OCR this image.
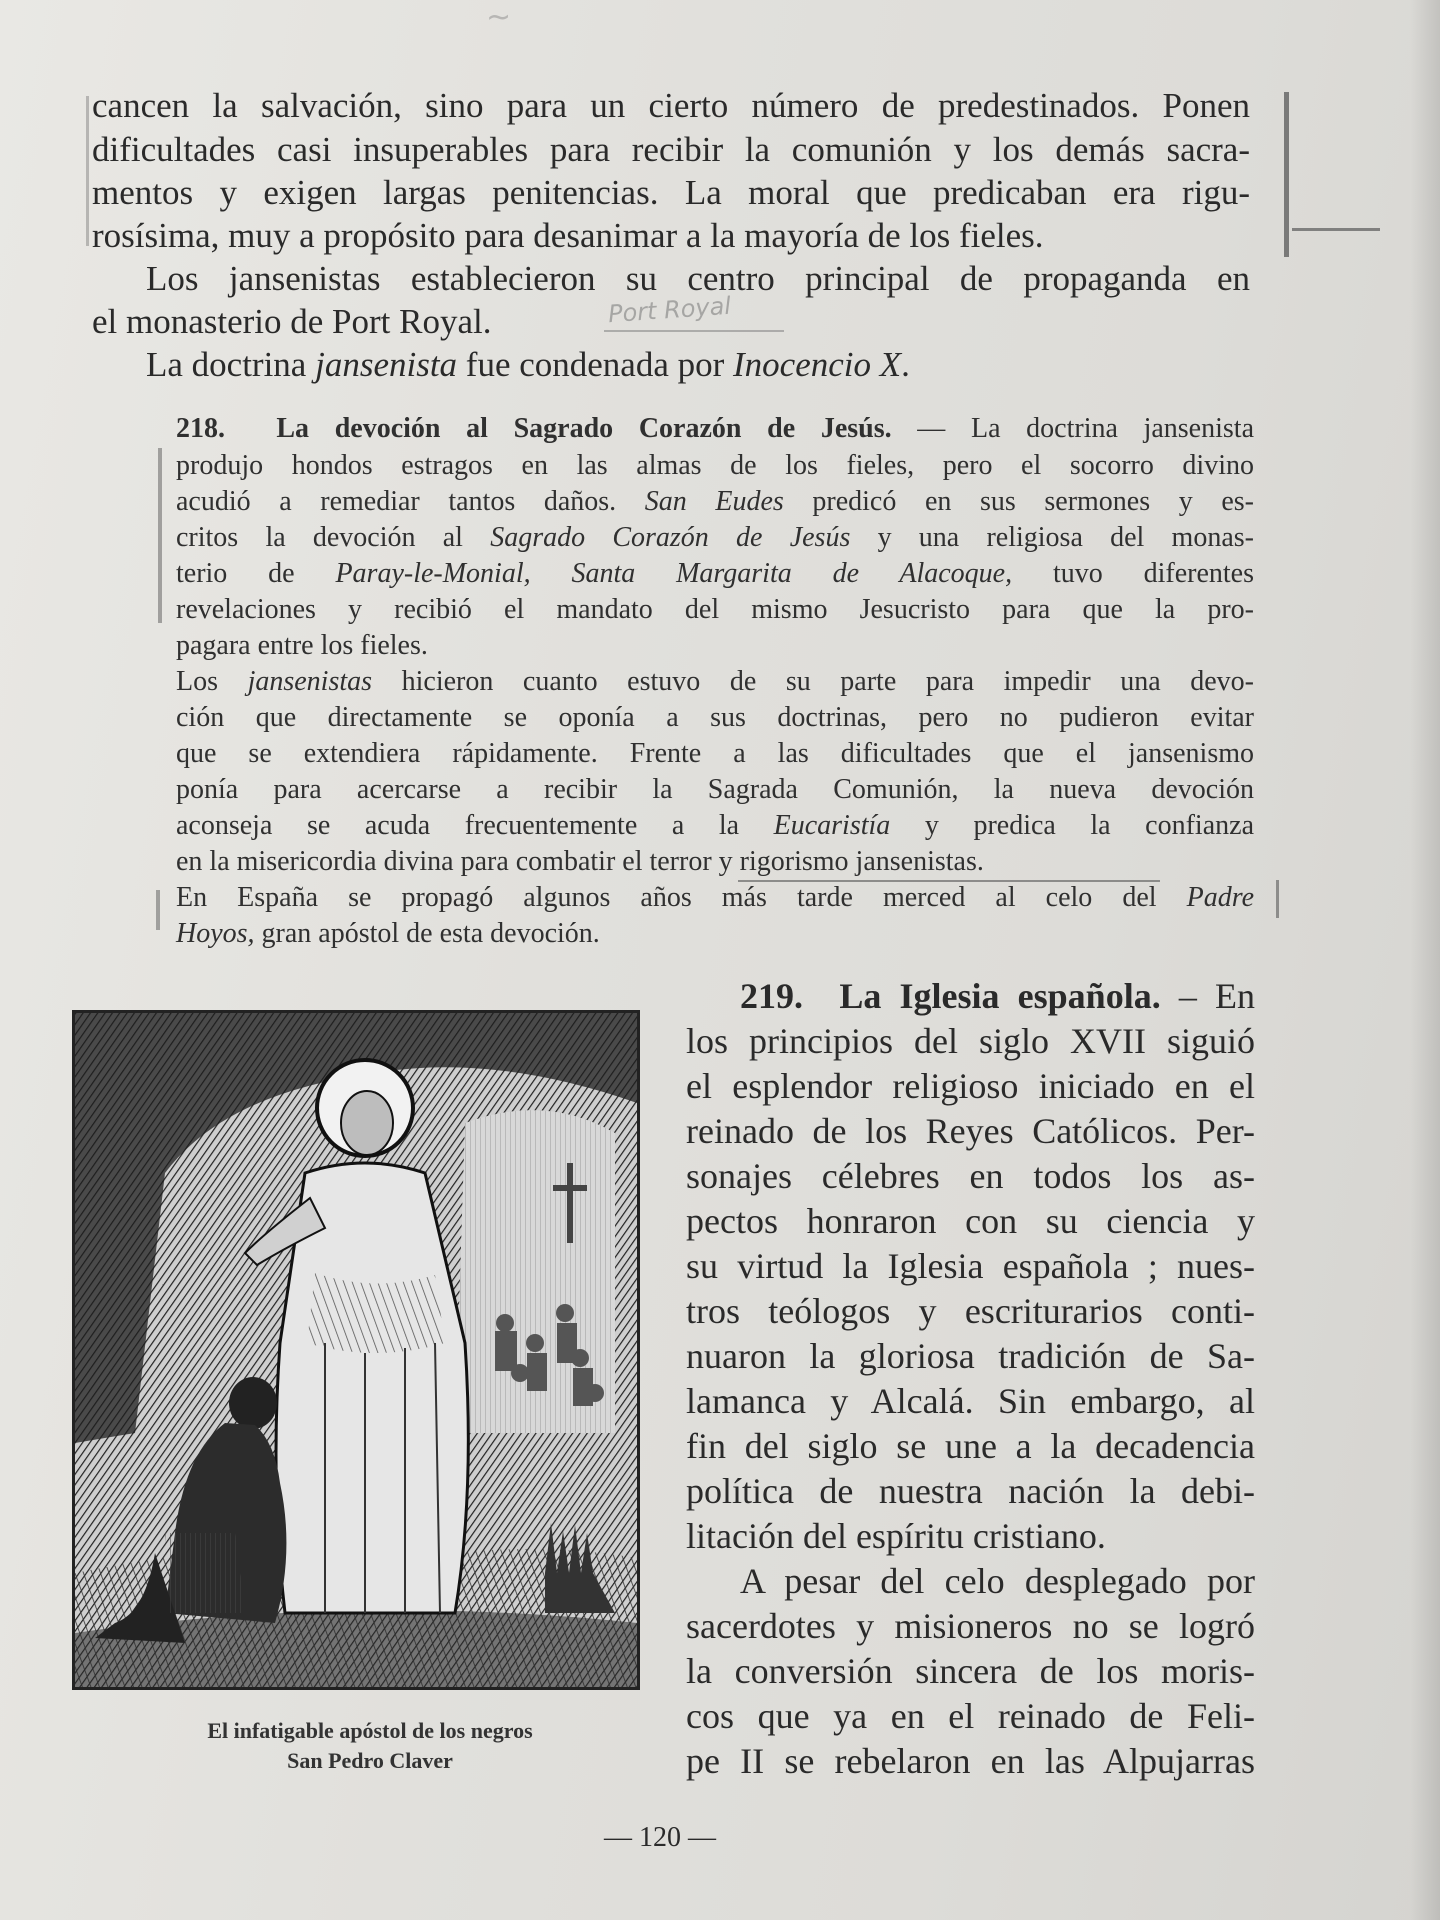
~

cancen la salvación, sino para un cierto número de predestinados. Ponen

dificultades casi insuperables para recibir la comunión y los demás sacra-

mentos y exigen largas penitencias. La moral que predicaban era rigu-

rosísima, muy a propósito para desanimar a la mayoría de los fieles.

Los jansenistas establecieron su centro principal de propaganda en

el monasterio de Port Royal.	Port Royal

La doctrina jansenista fue condenada por Inocencio X.

218. La devoción al Sagrado Corazón de Jesús. — La doctrina jansenista

produjo hondos estragos en las almas de los fieles, pero el socorro divino

acudió a remediar tantos daños. San Eudes predicó en sus sermones y es-

critos la devoción al Sagrado Corazón de Jesús y una religiosa del monas-

terio de Paray-le-Monial, Santa Margarita de Alacoque, tuvo diferentes

revelaciones y recibió el mandato del mismo Jesucristo para que la pro-

pagara entre los fieles.

Los jansenistas hicieron cuanto estuvo de su parte para impedir una devo-

ción que directamente se oponía a sus doctrinas, pero no pudieron evitar

que se extendiera rápidamente. Frente a las dificultades que el jansenismo

ponía para acercarse a recibir la Sagrada Comunión, la nueva devoción

aconseja se acuda frecuentemente a la Eucaristía y predica la confianza

en la misericordia divina para combatir el terror y rigorismo jansenistas.

En España se propagó algunos años más tarde merced al celo del Padre

Hoyos, gran apóstol de esta devoción.

El infatigable apóstol de los negros

San Pedro Claver

219. La Iglesia española. – En

los principios del siglo XVII siguió

el esplendor religioso iniciado en el

reinado de los Reyes Católicos. Per-

sonajes célebres en todos los as-

pectos honraron con su ciencia y

su virtud la Iglesia española ; nues-

tros teólogos y escriturarios conti-

nuaron la gloriosa tradición de Sa-

lamanca y Alcalá. Sin embargo, al

fin del siglo se une a la decadencia

política de nuestra nación la debi-

litación del espíritu cristiano.

A pesar del celo desplegado por

sacerdotes y misioneros no se logró

la conversión sincera de los moris-

cos que ya en el reinado de Feli-

pe II se rebelaron en las Alpujarras

— 120 —
